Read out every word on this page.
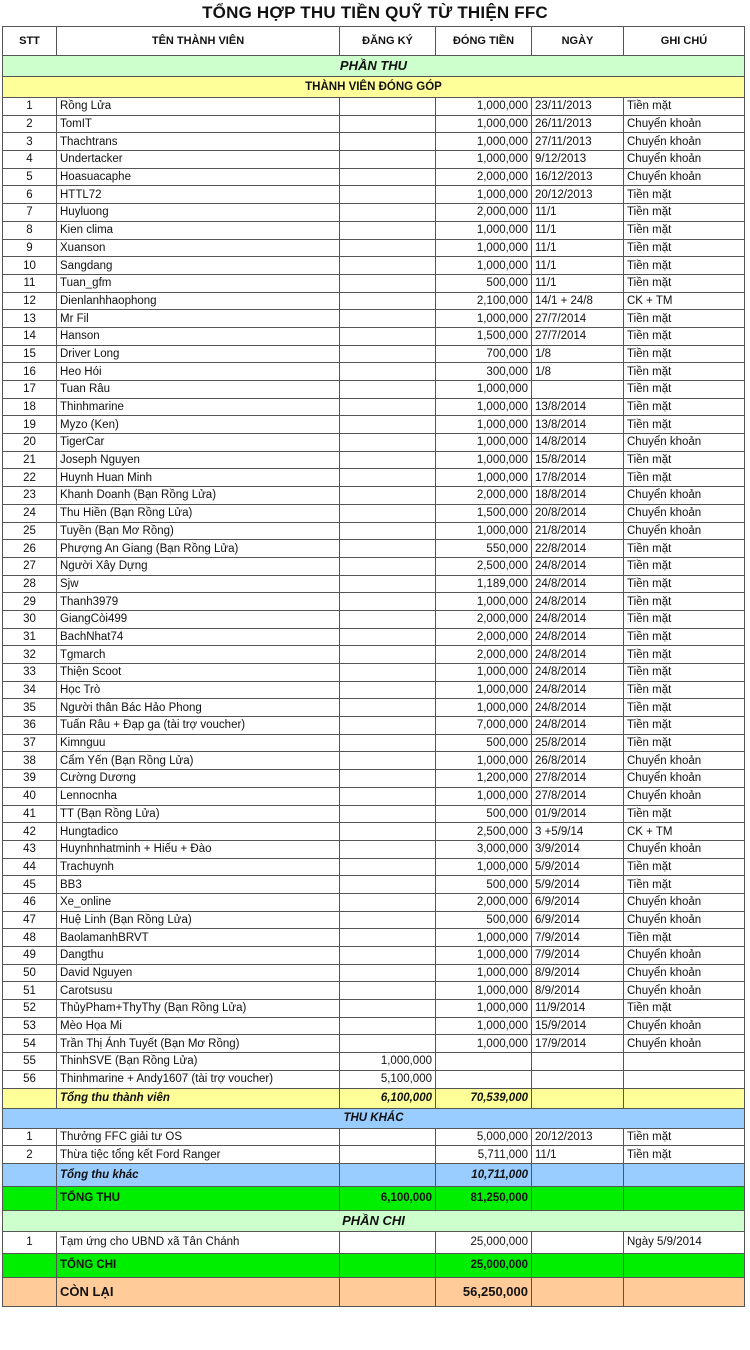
TỔNG HỢP THU TIỀN QUỸ TỪ THIỆN FFC
STT	TÊN THÀNH VIÊN	ĐĂNG KÝ	ĐÓNG TIỀN	NGÀY	GHI CHÚ
PHẦN THU					
THÀNH VIÊN ĐÓNG GÓP					
1	Rồng Lửa		1,000,000	23/11/2013	Tiền mặt
2	TomIT		1,000,000	26/11/2013	Chuyển khoản
3	Thachtrans		1,000,000	27/11/2013	Chuyển khoản
4	Undertacker		1,000,000	9/12/2013	Chuyển khoản
5	Hoasuacaphe		2,000,000	16/12/2013	Chuyển khoản
6	HTTL72		1,000,000	20/12/2013	Tiền mặt
7	Huyluong		2,000,000	11/1	Tiền mặt
8	Kien clima		1,000,000	11/1	Tiền mặt
9	Xuanson		1,000,000	11/1	Tiền mặt
10	Sangdang		1,000,000	11/1	Tiền mặt
11	Tuan_gfm		500,000	11/1	Tiền mặt
12	Dienlanhhaophong		2,100,000	14/1 + 24/8	CK + TM
13	Mr Fil		1,000,000	27/7/2014	Tiền mặt
14	Hanson		1,500,000	27/7/2014	Tiền mặt
15	Driver Long		700,000	1/8	Tiền mặt
16	Heo Hói		300,000	1/8	Tiền mặt
17	Tuan Râu		1,000,000		Tiền mặt
18	Thinhmarine		1,000,000	13/8/2014	Tiền mặt
19	Myzo (Ken)		1,000,000	13/8/2014	Tiền mặt
20	TigerCar		1,000,000	14/8/2014	Chuyển khoản
21	Joseph Nguyen		1,000,000	15/8/2014	Tiền mặt
22	Huynh Huan Minh		1,000,000	17/8/2014	Tiền mặt
23	Khanh Doanh (Bạn Rồng Lửa)		2,000,000	18/8/2014	Chuyển khoản
24	Thu Hiền (Bạn Rồng Lửa)		1,500,000	20/8/2014	Chuyển khoản
25	Tuyền (Bạn Mơ Rồng)		1,000,000	21/8/2014	Chuyển khoản
26	Phượng An Giang (Bạn Rồng Lửa)		550,000	22/8/2014	Tiền mặt
27	Người Xây Dựng		2,500,000	24/8/2014	Tiền mặt
28	Sjw		1,189,000	24/8/2014	Tiền mặt
29	Thanh3979		1,000,000	24/8/2014	Tiền mặt
30	GiangCòi499		2,000,000	24/8/2014	Tiền mặt
31	BachNhat74		2,000,000	24/8/2014	Tiền mặt
32	Tgmarch		2,000,000	24/8/2014	Tiền mặt
33	Thiện Scoot		1,000,000	24/8/2014	Tiền mặt
34	Học Trò		1,000,000	24/8/2014	Tiền mặt
35	Người thân Bác Hảo Phong		1,000,000	24/8/2014	Tiền mặt
36	Tuấn Râu + Đạp ga (tài trợ voucher)		7,000,000	24/8/2014	Tiền mặt
37	Kimnguu		500,000	25/8/2014	Tiền mặt
38	Cẩm Yến (Bạn Rồng Lửa)		1,000,000	26/8/2014	Chuyển khoản
39	Cường Dương		1,200,000	27/8/2014	Chuyển khoản
40	Lennocnha		1,000,000	27/8/2014	Chuyển khoản
41	TT (Bạn Rồng Lửa)		500,000	01/9/2014	Tiền mặt
42	Hungtadico		2,500,000	3 +5/9/14	CK + TM
43	Huynhnhatminh + Hiếu + Đào		3,000,000	3/9/2014	Chuyển khoản
44	Trachuynh		1,000,000	5/9/2014	Tiền mặt
45	BB3		500,000	5/9/2014	Tiền mặt
46	Xe_online		2,000,000	6/9/2014	Chuyển khoản
47	Huệ Linh (Bạn Rồng Lửa)		500,000	6/9/2014	Chuyển khoản
48	BaolamanhBRVT		1,000,000	7/9/2014	Tiền mặt
49	Dangthu		1,000,000	7/9/2014	Chuyển khoản
50	David Nguyen		1,000,000	8/9/2014	Chuyển khoản
51	Carotsusu		1,000,000	8/9/2014	Chuyển khoản
52	ThủyPham+ThyThy (Bạn Rồng Lửa)		1,000,000	11/9/2014	Tiền mặt
53	Mèo Họa Mi		1,000,000	15/9/2014	Chuyển khoản
54	Trần Thị Ánh Tuyết (Bạn Mơ Rồng)		1,000,000	17/9/2014	Chuyển khoản
55	ThinhSVE (Bạn Rồng Lửa)	1,000,000			
56	Thinhmarine + Andy1607 (tài trợ voucher)	5,100,000			
	Tổng thu thành viên	6,100,000	70,539,000		
THU KHÁC					
1	Thưởng FFC giải tư OS		5,000,000	20/12/2013	Tiền mặt
2	Thừa tiệc tổng kết Ford Ranger		5,711,000	11/1	Tiền mặt
	Tổng thu khác		10,711,000		
	TỔNG THU	6,100,000	81,250,000		
PHẦN CHI					
1	Tạm ứng cho UBND xã Tân Chánh		25,000,000		Ngày 5/9/2014
	TỔNG CHI		25,000,000		
	CÒN LẠI		56,250,000		
